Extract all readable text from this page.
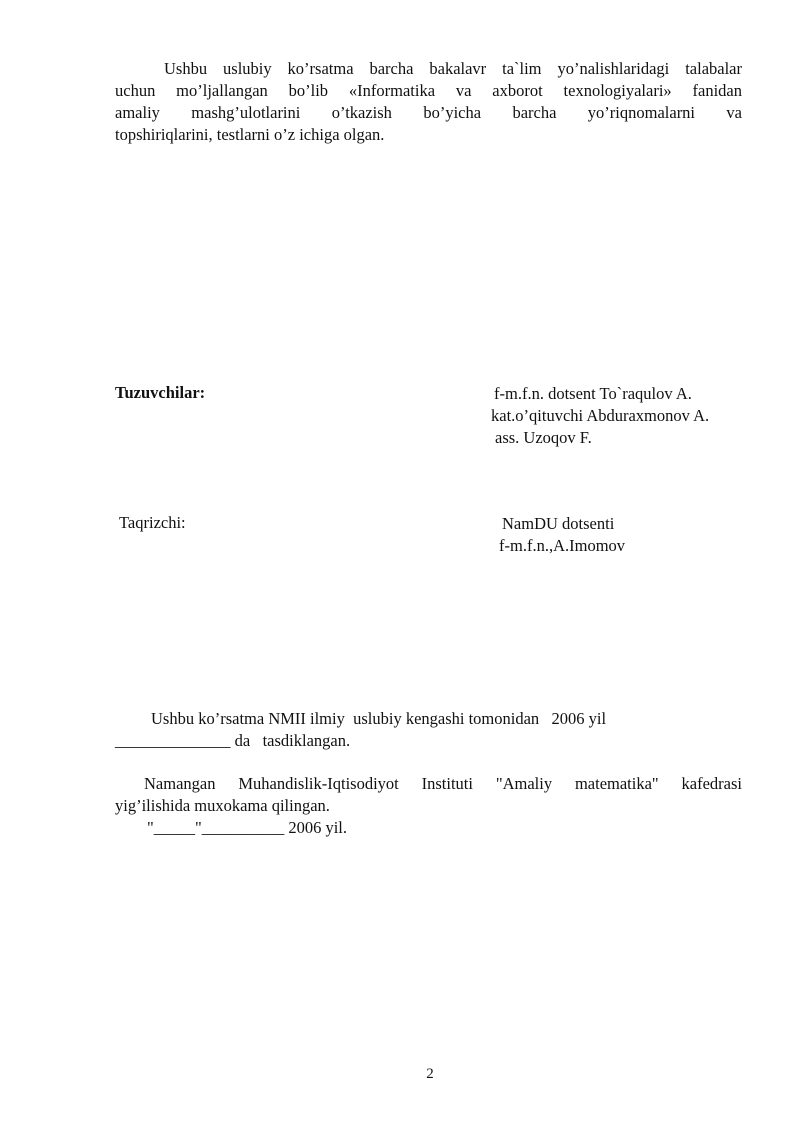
Ushbu uslubiy ko’rsatma barcha bakalavr ta`lim yo’nalishlaridagi talabalar
uchun mo’ljallangan bo’lib «Informatika va axborot texnologiyalari» fanidan
amaliy mashg’ulotlarini o’tkazish bo’yicha barcha yo’riqnomalarni va
topshiriqlarini, testlarni o’z ichiga olgan.
Tuzuvchilar:	f-m.f.n. dotsent To`raqulov A.
kat.o’qituvchi Abduraxmonov A.
ass. Uzoqov F.
Taqrizchi:	NamDU dotsenti
f-m.f.n.,A.Imomov
Ushbu ko’rsatma NMII ilmiy  uslubiy kengashi tomonidan   2006 yil
______________ da   tasdiklangan.
Namangan Muhandislik-Iqtisodiyot Instituti "Amaliy matematika" kafedrasi
yig’ilishida muxokama qilingan.
"_____"__________ 2006 yil.
2
